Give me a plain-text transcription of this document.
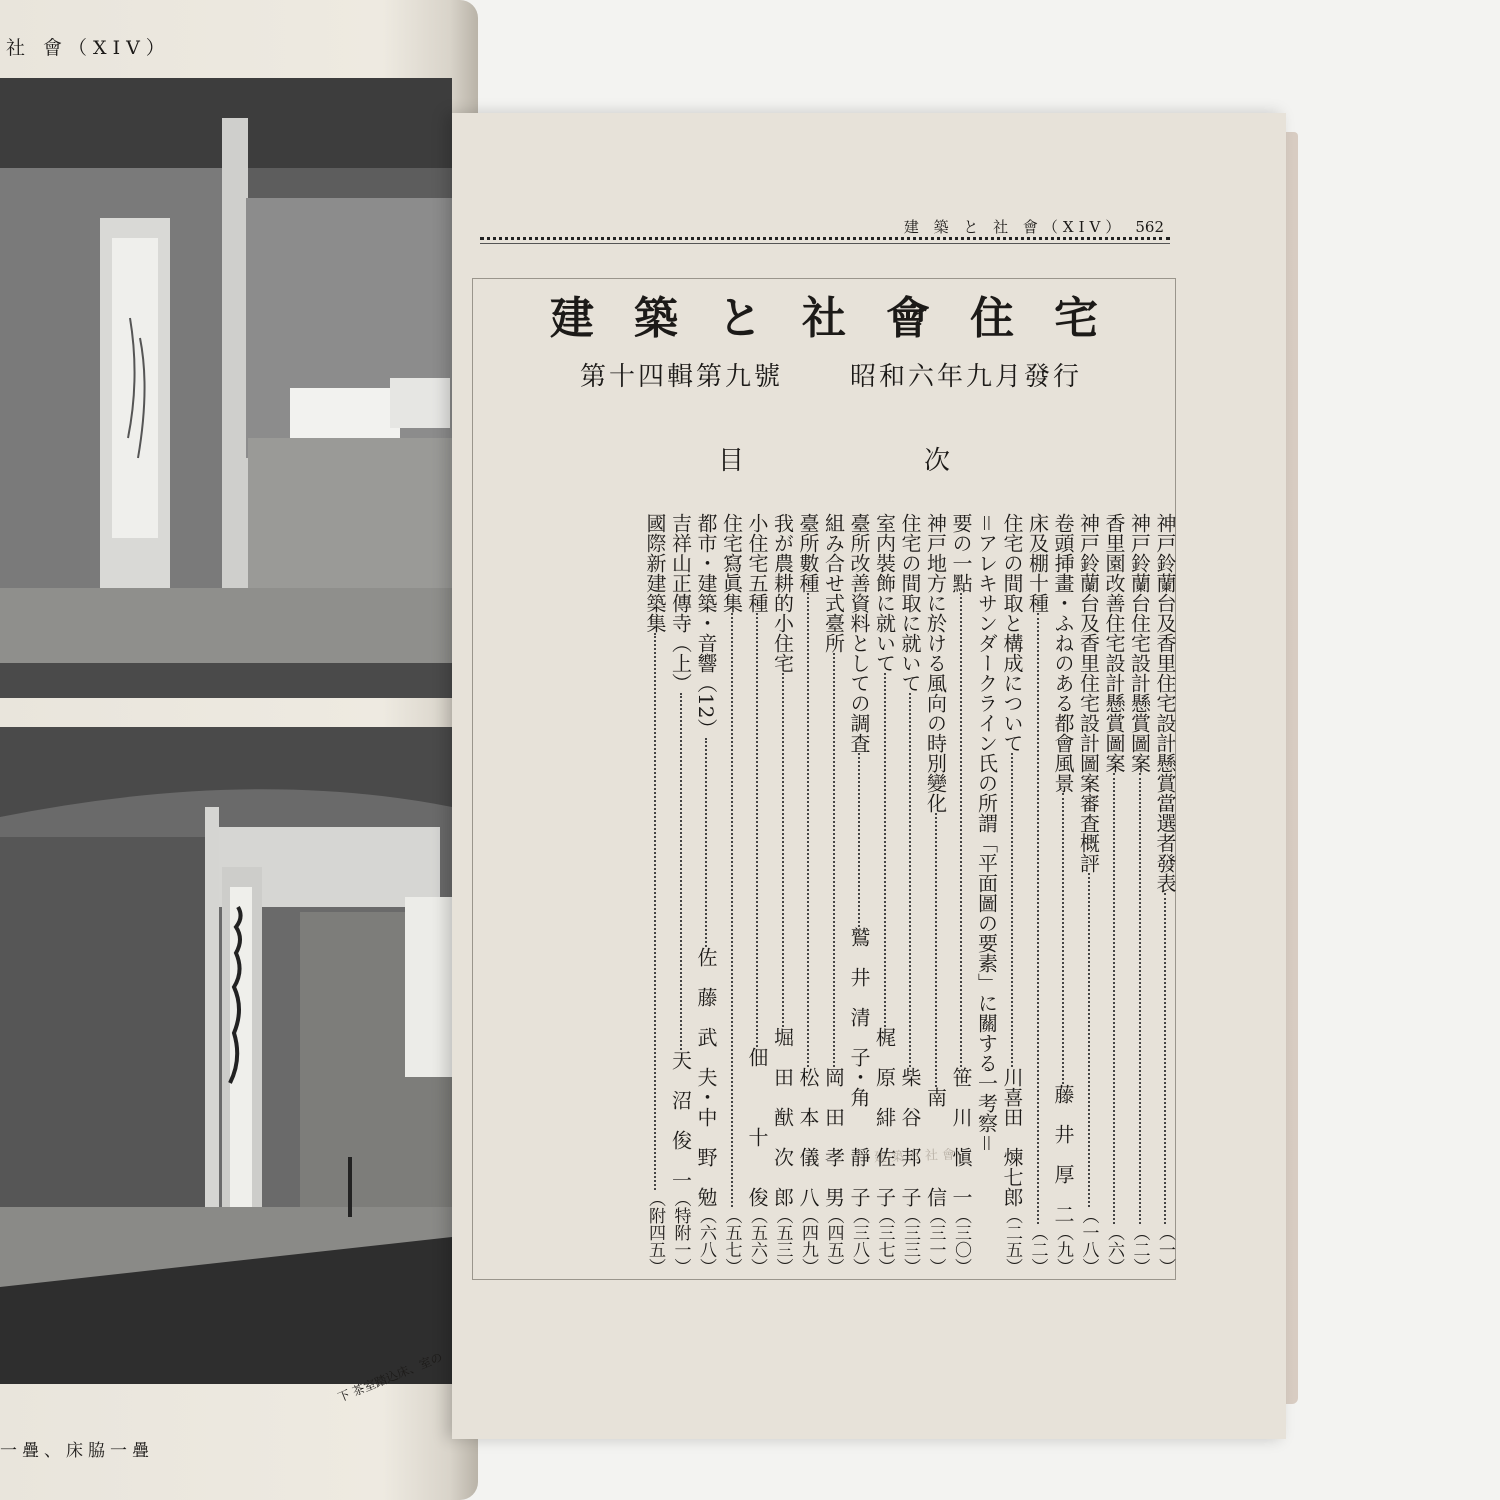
社 會（XIV）
下 茶室踏込床、室の
一疊、床脇一疊
建 築 と 社 會（XIV） 562
建築と社會住宅
第十四輯第九號	昭和六年九月發行
目	次
建築と社會
神戸鈴蘭台及香里住宅設計懸賞當選者發表（一）
神戸鈴蘭台住宅設計懸賞圖案（二）
香里園改善住宅設計懸賞圖案（六）
神戸鈴蘭台及香里住宅設計圖案審査概評（一八）
卷頭挿畫・ふねのある都會風景藤　井　厚　二（九）
床及棚十種（二）
住宅の間取と構成について川喜田　煉七郎（二五）
＝アレキサンダークライン氏の所謂「平面圖の要素」に關する一考察＝
要の一點笹　川　愼　一（三〇）
神戸地方に於ける風向の時別變化南　　　　信（三一）
住宅の間取に就いて柴　谷　邦　子（三三）
室内裝飾に就いて梶　原　緋　佐　子（三七）
臺所改善資料としての調査鷲　井　清　子・角　　靜　子（三八）
組み合せ式臺所岡　田　孝　男（四五）
臺所數種松　本　儀　八（四九）
我が農耕的小住宅堀　田　猷　次　郎（五三）
小住宅五種佃　　　十　　俊（五六）
住宅寫眞集（五七）
都市・建築・音響（12）佐　藤　武　夫・中　野　勉（六八）
吉祥山正傳寺（上）天　沼　俊　一（特附一）
國際新建築集（附四五）
